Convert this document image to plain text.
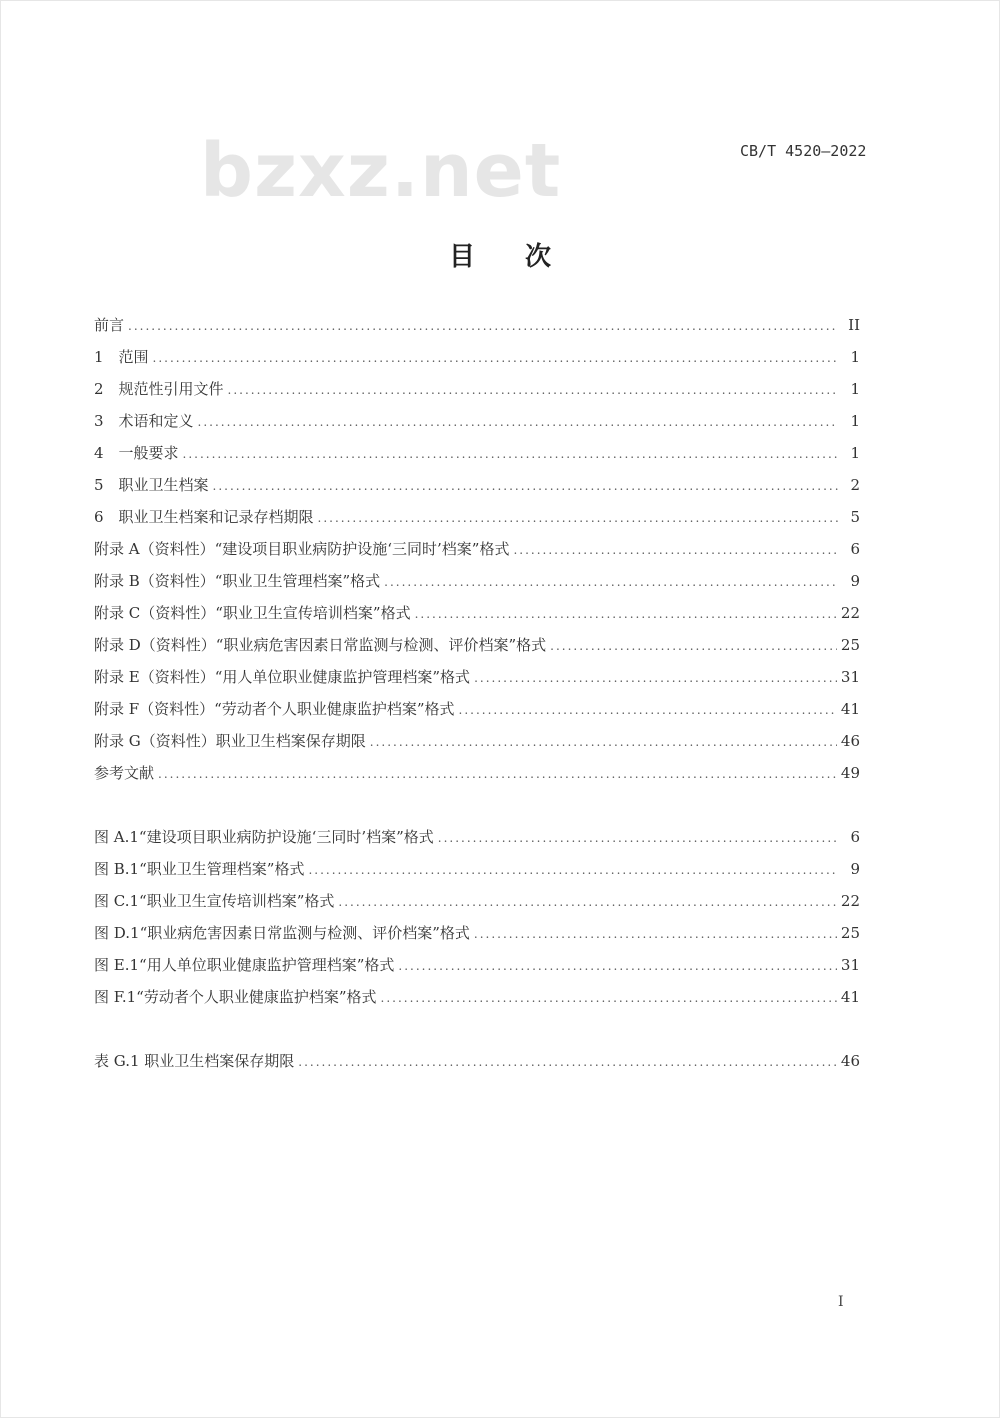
bzxz.net	CB/T 4520—2022
目次
前言 .....	II
1　范围 .....	1
2　规范性引用文件 .....	1
3　术语和定义 .....	1
4　一般要求 .....	1
5　职业卫生档案 .....	2
6　职业卫生档案和记录存档期限 .....	5
附录 A（资料性）“建设项目职业病防护设施‘三同时’档案”格式 .....	6
附录 B（资料性）“职业卫生管理档案”格式 .....	9
附录 C（资料性）“职业卫生宣传培训档案”格式 .....	22
附录 D（资料性）“职业病危害因素日常监测与检测、评价档案”格式 .....	25
附录 E（资料性）“用人单位职业健康监护管理档案”格式 .....	31
附录 F（资料性）“劳动者个人职业健康监护档案”格式 .....	41
附录 G（资料性）职业卫生档案保存期限 .....	46
参考文献 .....	49
图 A.1“建设项目职业病防护设施‘三同时’档案”格式 .....	6
图 B.1“职业卫生管理档案”格式 .....	9
图 C.1“职业卫生宣传培训档案”格式 .....	22
图 D.1“职业病危害因素日常监测与检测、评价档案”格式 .....	25
图 E.1“用人单位职业健康监护管理档案”格式 .....	31
图 F.1“劳动者个人职业健康监护档案”格式 .....	41
表 G.1 职业卫生档案保存期限 .....	46
I
